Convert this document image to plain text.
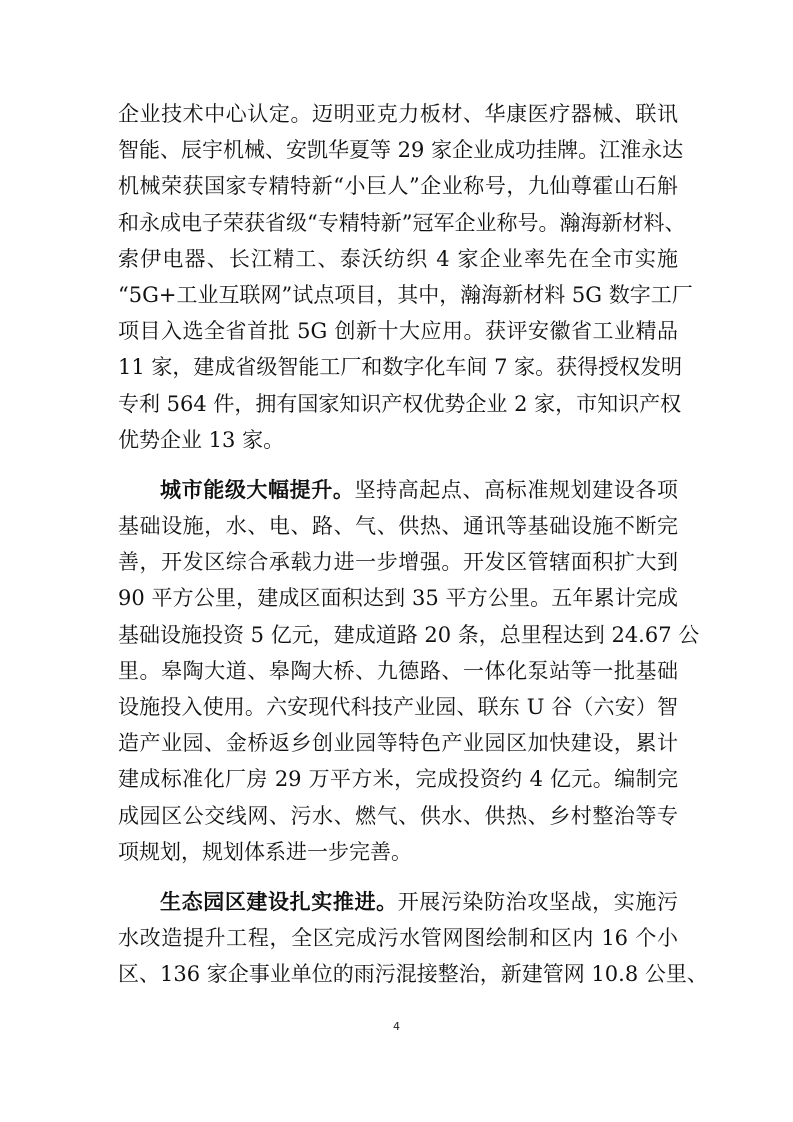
企业技术中心认定。迈明亚克力板材、华康医疗器械、联讯
智能、辰宇机械、安凯华夏等 29 家企业成功挂牌。江淮永达
机械荣获国家专精特新“小巨人”企业称号，九仙尊霍山石斛
和永成电子荣获省级“专精特新”冠军企业称号。瀚海新材料、
索伊电器、长江精工、泰沃纺织 4 家企业率先在全市实施
“5G+工业互联网”试点项目，其中，瀚海新材料 5G 数字工厂
项目入选全省首批 5G 创新十大应用。获评安徽省工业精品
11 家，建成省级智能工厂和数字化车间 7 家。获得授权发明
专利 564 件，拥有国家知识产权优势企业 2 家，市知识产权
优势企业 13 家。
城市能级大幅提升。坚持高起点、高标准规划建设各项
基础设施，水、电、路、气、供热、通讯等基础设施不断完
善，开发区综合承载力进一步增强。开发区管辖面积扩大到
90 平方公里，建成区面积达到 35 平方公里。五年累计完成
基础设施投资 5 亿元，建成道路 20 条，总里程达到 24.67 公
里。皋陶大道、皋陶大桥、九德路、一体化泵站等一批基础
设施投入使用。六安现代科技产业园、联东 U 谷（六安）智
造产业园、金桥返乡创业园等特色产业园区加快建设，累计
建成标准化厂房 29 万平方米，完成投资约 4 亿元。编制完
成园区公交线网、污水、燃气、供水、供热、乡村整治等专
项规划，规划体系进一步完善。
生态园区建设扎实推进。开展污染防治攻坚战，实施污
水改造提升工程，全区完成污水管网图绘制和区内 16 个小
区、136 家企事业单位的雨污混接整治，新建管网 10.8 公里、
4
